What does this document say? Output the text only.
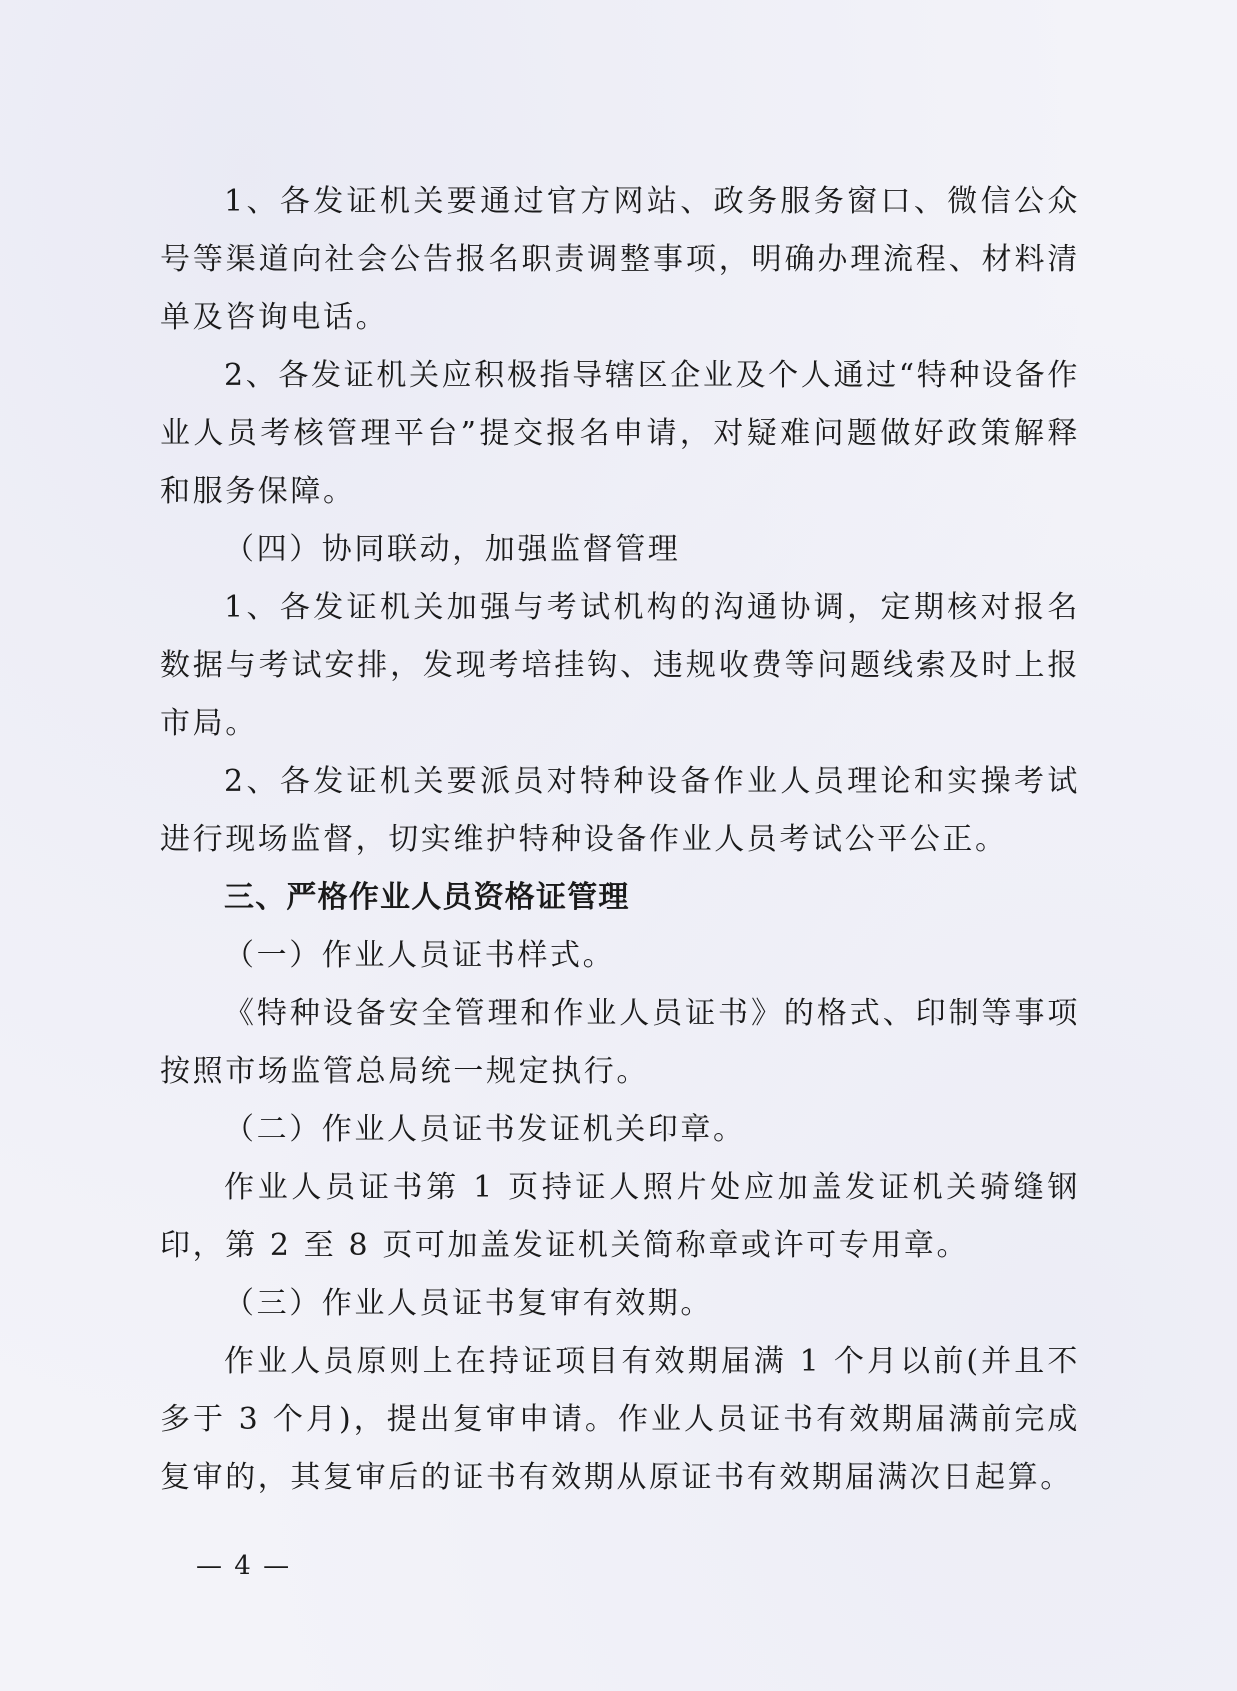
1、各发证机关要通过官方网站、政务服务窗口、微信公众号等渠道向社会公告报名职责调整事项，明确办理流程、材料清单及咨询电话。

2、各发证机关应积极指导辖区企业及个人通过“特种设备作业人员考核管理平台”提交报名申请，对疑难问题做好政策解释和服务保障。

（四）协同联动，加强监督管理

1、各发证机关加强与考试机构的沟通协调，定期核对报名数据与考试安排，发现考培挂钩、违规收费等问题线索及时上报市局。

2、各发证机关要派员对特种设备作业人员理论和实操考试进行现场监督，切实维护特种设备作业人员考试公平公正。

三、严格作业人员资格证管理

（一）作业人员证书样式。

《特种设备安全管理和作业人员证书》的格式、印制等事项按照市场监管总局统一规定执行。

（二）作业人员证书发证机关印章。

作业人员证书第 1 页持证人照片处应加盖发证机关骑缝钢印，第 2 至 8 页可加盖发证机关简称章或许可专用章。

（三）作业人员证书复审有效期。

作业人员原则上在持证项目有效期届满 1 个月以前(并且不多于 3 个月)，提出复审申请。作业人员证书有效期届满前完成复审的，其复审后的证书有效期从原证书有效期届满次日起算。

— 4 —
